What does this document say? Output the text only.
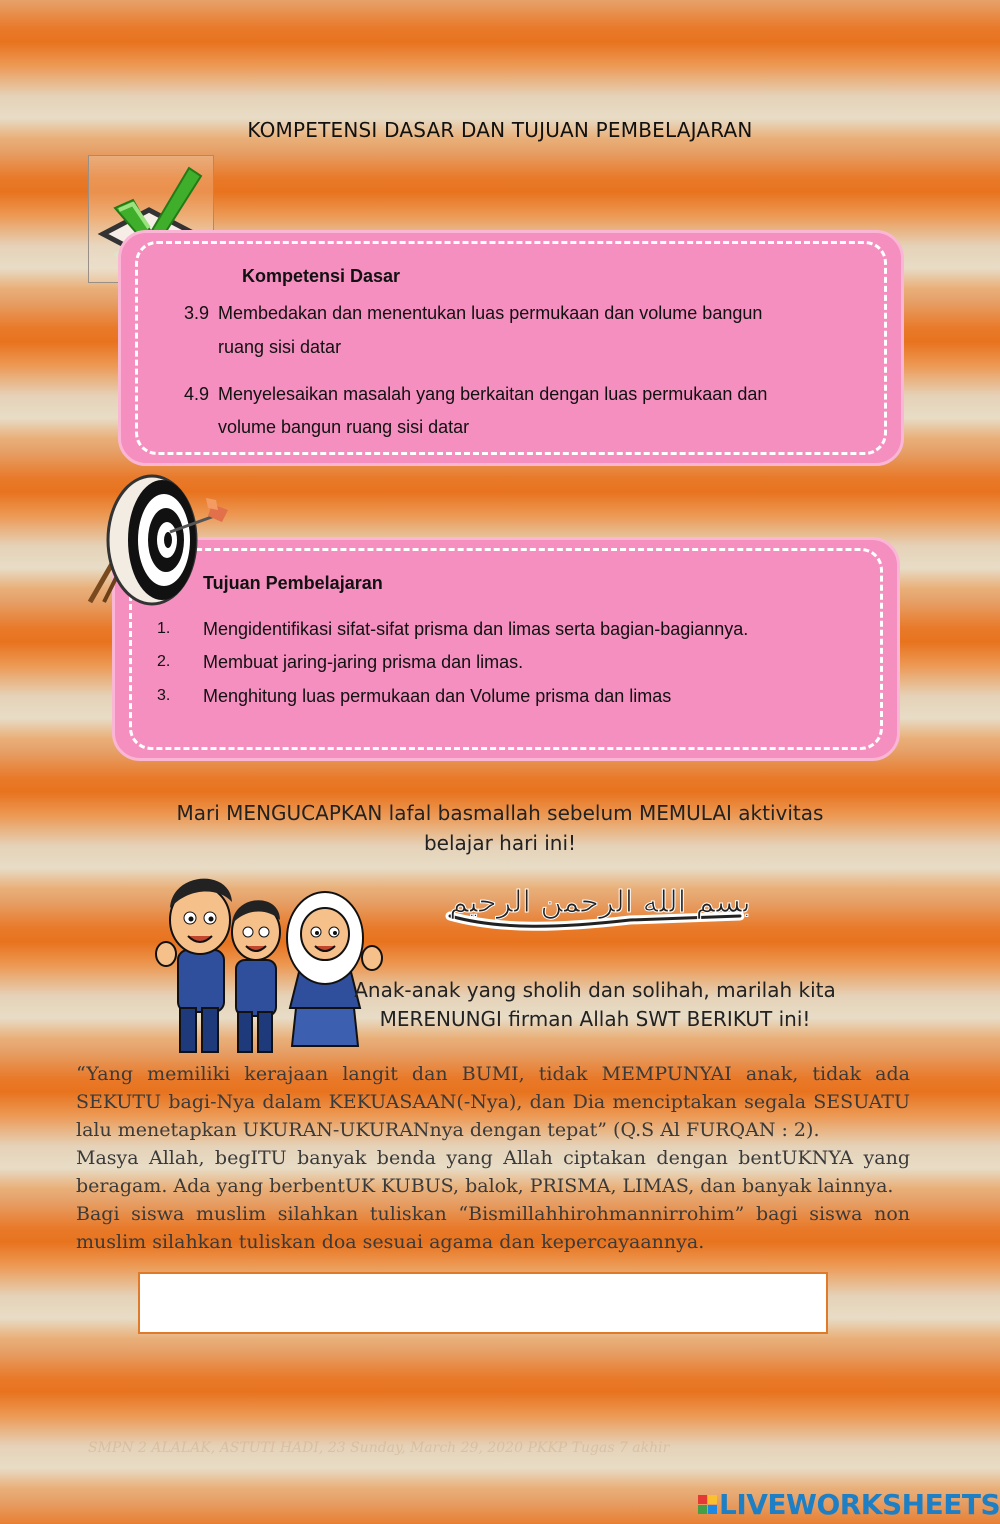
KOMPETENSI DASAR DAN TUJUAN PEMBELAJARAN
Kompetensi Dasar
3.9 Membedakan dan menentukan luas permukaan dan volume bangun
ruang sisi datar
4.9 Menyelesaikan masalah yang berkaitan dengan luas permukaan dan
volume bangun ruang sisi datar
Tujuan Pembelajaran
1. Mengidentifikasi sifat-sifat prisma dan limas serta bagian-bagiannya.
2. Membuat jaring-jaring prisma dan limas.
3. Menghitung luas permukaan dan Volume prisma dan limas
Mari MENGUCAPKAN lafal basmallah sebelum MEMULAI aktivitas
belajar hari ini!
بسم الله الرحمن الرحيم
Anak-anak yang sholih dan solihah, marilah kita
MERENUNGI firman Allah SWT BERIKUT ini!

“Yang memiliki kerajaan langit dan BUMI, tidak MEMPUNYAI anak, tidak ada SEKUTU bagi-Nya dalam KEKUASAAN(-Nya), dan Dia menciptakan segala SESUATU lalu menetapkan UKURAN-UKURANnya dengan tepat” (Q.S Al FURQAN : 2).

Masya Allah, begITU banyak benda yang Allah ciptakan dengan bentUKNYA yang beragam. Ada yang berbentUK KUBUS, balok, PRISMA, LIMAS, dan banyak lainnya.

Bagi siswa muslim silahkan tuliskan “Bismillahhirohmannirrohim” bagi siswa non muslim silahkan tuliskan doa sesuai agama dan kepercayaannya.

SMPN 2 ALALAK, ASTUTI HADI, 23 Sunday, March 29, 2020 PKKP Tugas 7 akhir
LIVEWORKSHEETS
